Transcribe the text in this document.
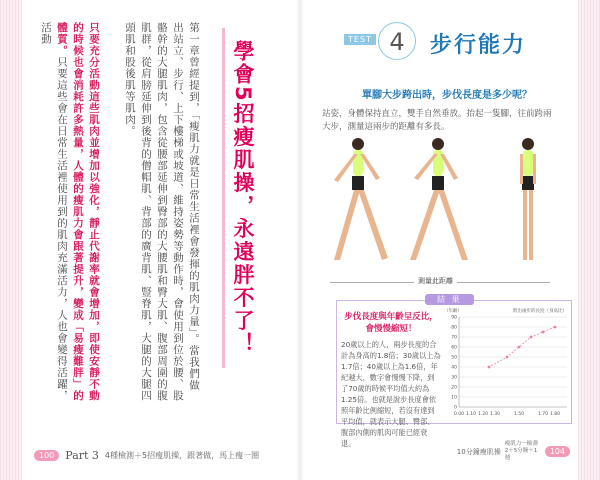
第一章曾經提到，「瘦肌力就是日常生活裡會發揮的肌肉力量」。當我們做出站立、步行、上下樓梯或坡道、維持姿勢等動作時，會使用到位於腰、股骼幹的大腿肌肉，包含從腰部延伸到臀部的大腰肌和臀大肌、腹部周圍的腹肌群，從肩膀延伸到後背的僧帽肌、背部的廣背肌、豎脊肌，大腿的大腿四頭肌和股後肌等肌肉。
只要充分活動這些肌肉並增加以強化，靜止代謝率就會增加，即使安靜不動的時候也會消耗許多熱量，人體的瘦肌力會跟著提升，變成「易瘦難胖」的體質。只要這些會在日常生活裡使用到的肌肉充滿活力，人也會變得活躍，活動
學會5招瘦肌操，永遠胖不了！
100	Part 3 4種檢測＋5招瘦肌操，跟著做，馬上瘦一圈
TEST 4	步行能力
單腳大步跨出時，步伐長度是多少呢？
站姿，身體保持直立，雙手自然垂放。抬起一隻腳，往前跨兩大步，測量這兩步的距離有多長。
測量此距離
結 果
步伐長度與年齡呈反比，會慢慢縮短！
20歲以上的人，兩步長度的合計為身高的1.8倍；30歲以上為1.7倍；40歲以上為1.6倍，年紀越大，數字會慢慢下降，到了70歲的時候平均值大約為1.25倍。也就是說步長度會依照年齡比例縮短，若沒有達到平均值，就表示大腿、臀部、腹部內側的肌肉可能已經衰退。
跨出兩步的長度（身高比）
（年齡）
0
10
20
30
40
50
60
70
80
90
0.00 1.10 1.20 1.30	1.50	1.70 1.80
10分鐘瘦肌操
瘦肌力一檢測2＋5分鐘＋1週
104
